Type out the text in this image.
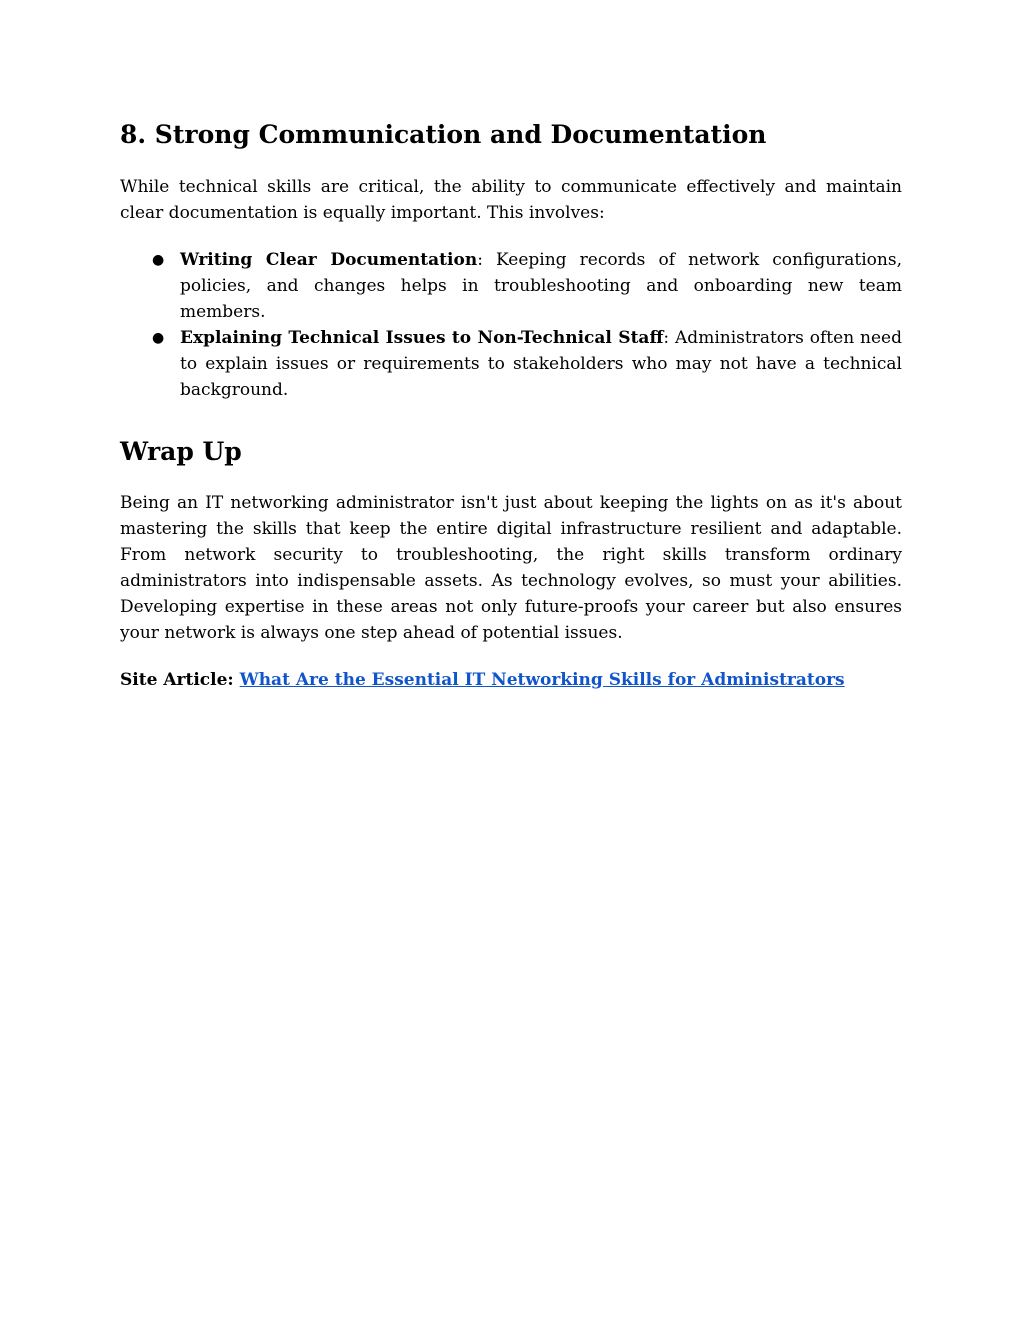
8. Strong Communication and Documentation

While technical skills are critical, the ability to communicate effectively and maintain clear documentation is equally important. This involves:

● Writing Clear Documentation: Keeping records of network configurations, policies, and changes helps in troubleshooting and onboarding new team members.
● Explaining Technical Issues to Non-Technical Staff: Administrators often need to explain issues or requirements to stakeholders who may not have a technical background.
Wrap Up

Being an IT networking administrator isn't just about keeping the lights on as it's about mastering the skills that keep the entire digital infrastructure resilient and adaptable. From network security to troubleshooting, the right skills transform ordinary administrators into indispensable assets. As technology evolves, so must your abilities. Developing expertise in these areas not only future-proofs your career but also ensures your network is always one step ahead of potential issues.

Site Article: What Are the Essential IT Networking Skills for Administrators
